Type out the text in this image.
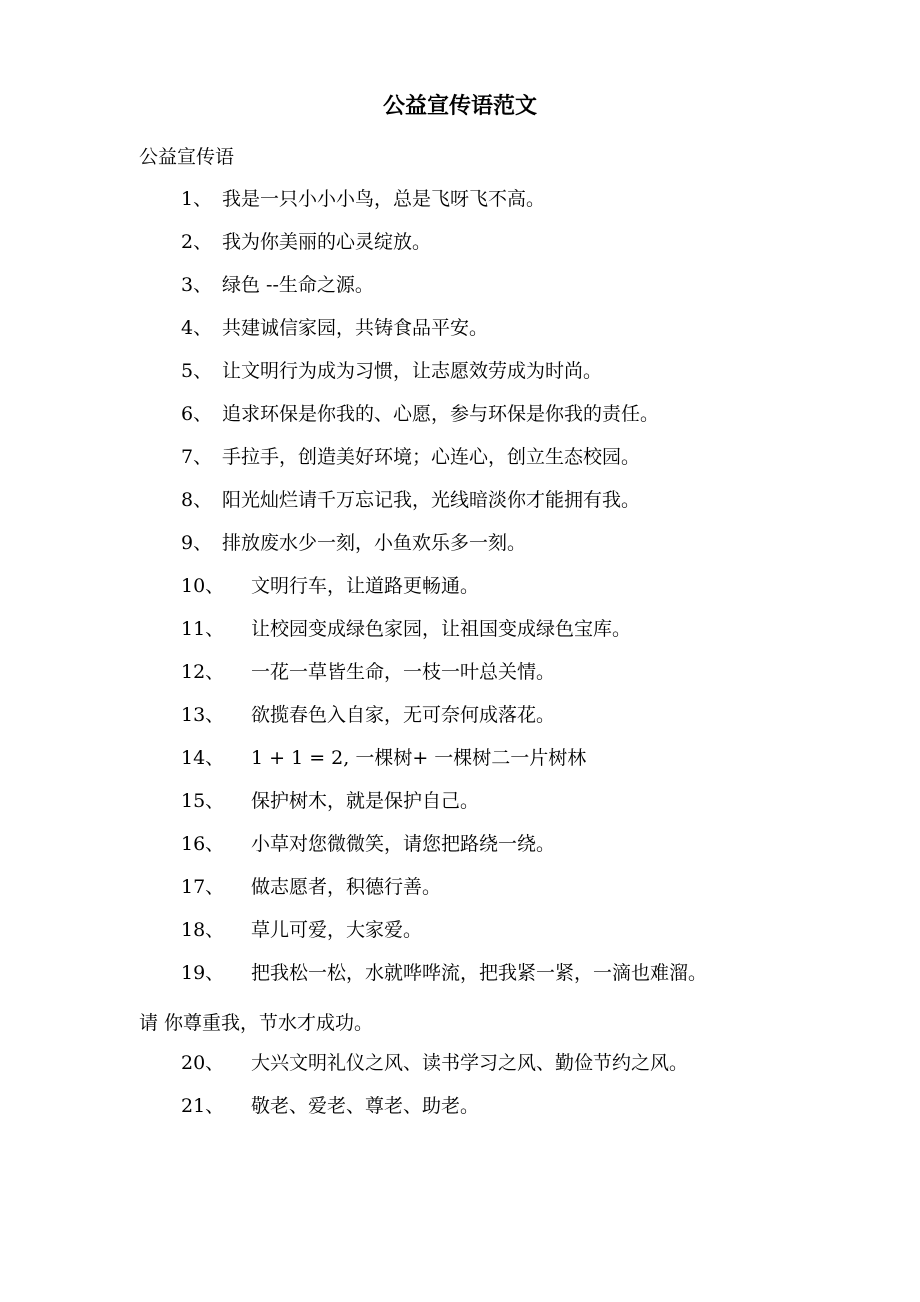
公益宣传语范文
公益宣传语
1、 我是一只小小小鸟，总是飞呀飞不高。
2、 我为你美丽的心灵绽放。
3、 绿色 --生命之源。
4、 共建诚信家园，共铸食品平安。
5、 让文明行为成为习惯，让志愿效劳成为时尚。
6、 追求环保是你我的、心愿，参与环保是你我的责任。
7、 手拉手，创造美好环境；心连心，创立生态校园。
8、 阳光灿烂请千万忘记我，光线暗淡你才能拥有我。
9、 排放废水少一刻，小鱼欢乐多一刻。
10、 文明行车，让道路更畅通。
11、 让校园变成绿色家园，让祖国变成绿色宝库。
12、 一花一草皆生命，一枝一叶总关情。
13、 欲揽春色入自家，无可奈何成落花。
14、 1 + 1 = 2, 一棵树+ 一棵树二一片树林
15、 保护树木，就是保护自己。
16、 小草对您微微笑，请您把路绕一绕。
17、 做志愿者，积德行善。
18、 草儿可爱，大家爱。
19、 把我松一松，水就哗哗流，把我紧一紧，一滴也难溜。
请 你尊重我，节水才成功。
20、 大兴文明礼仪之风、读书学习之风、勤俭节约之风。
21、 敬老、爱老、尊老、助老。
